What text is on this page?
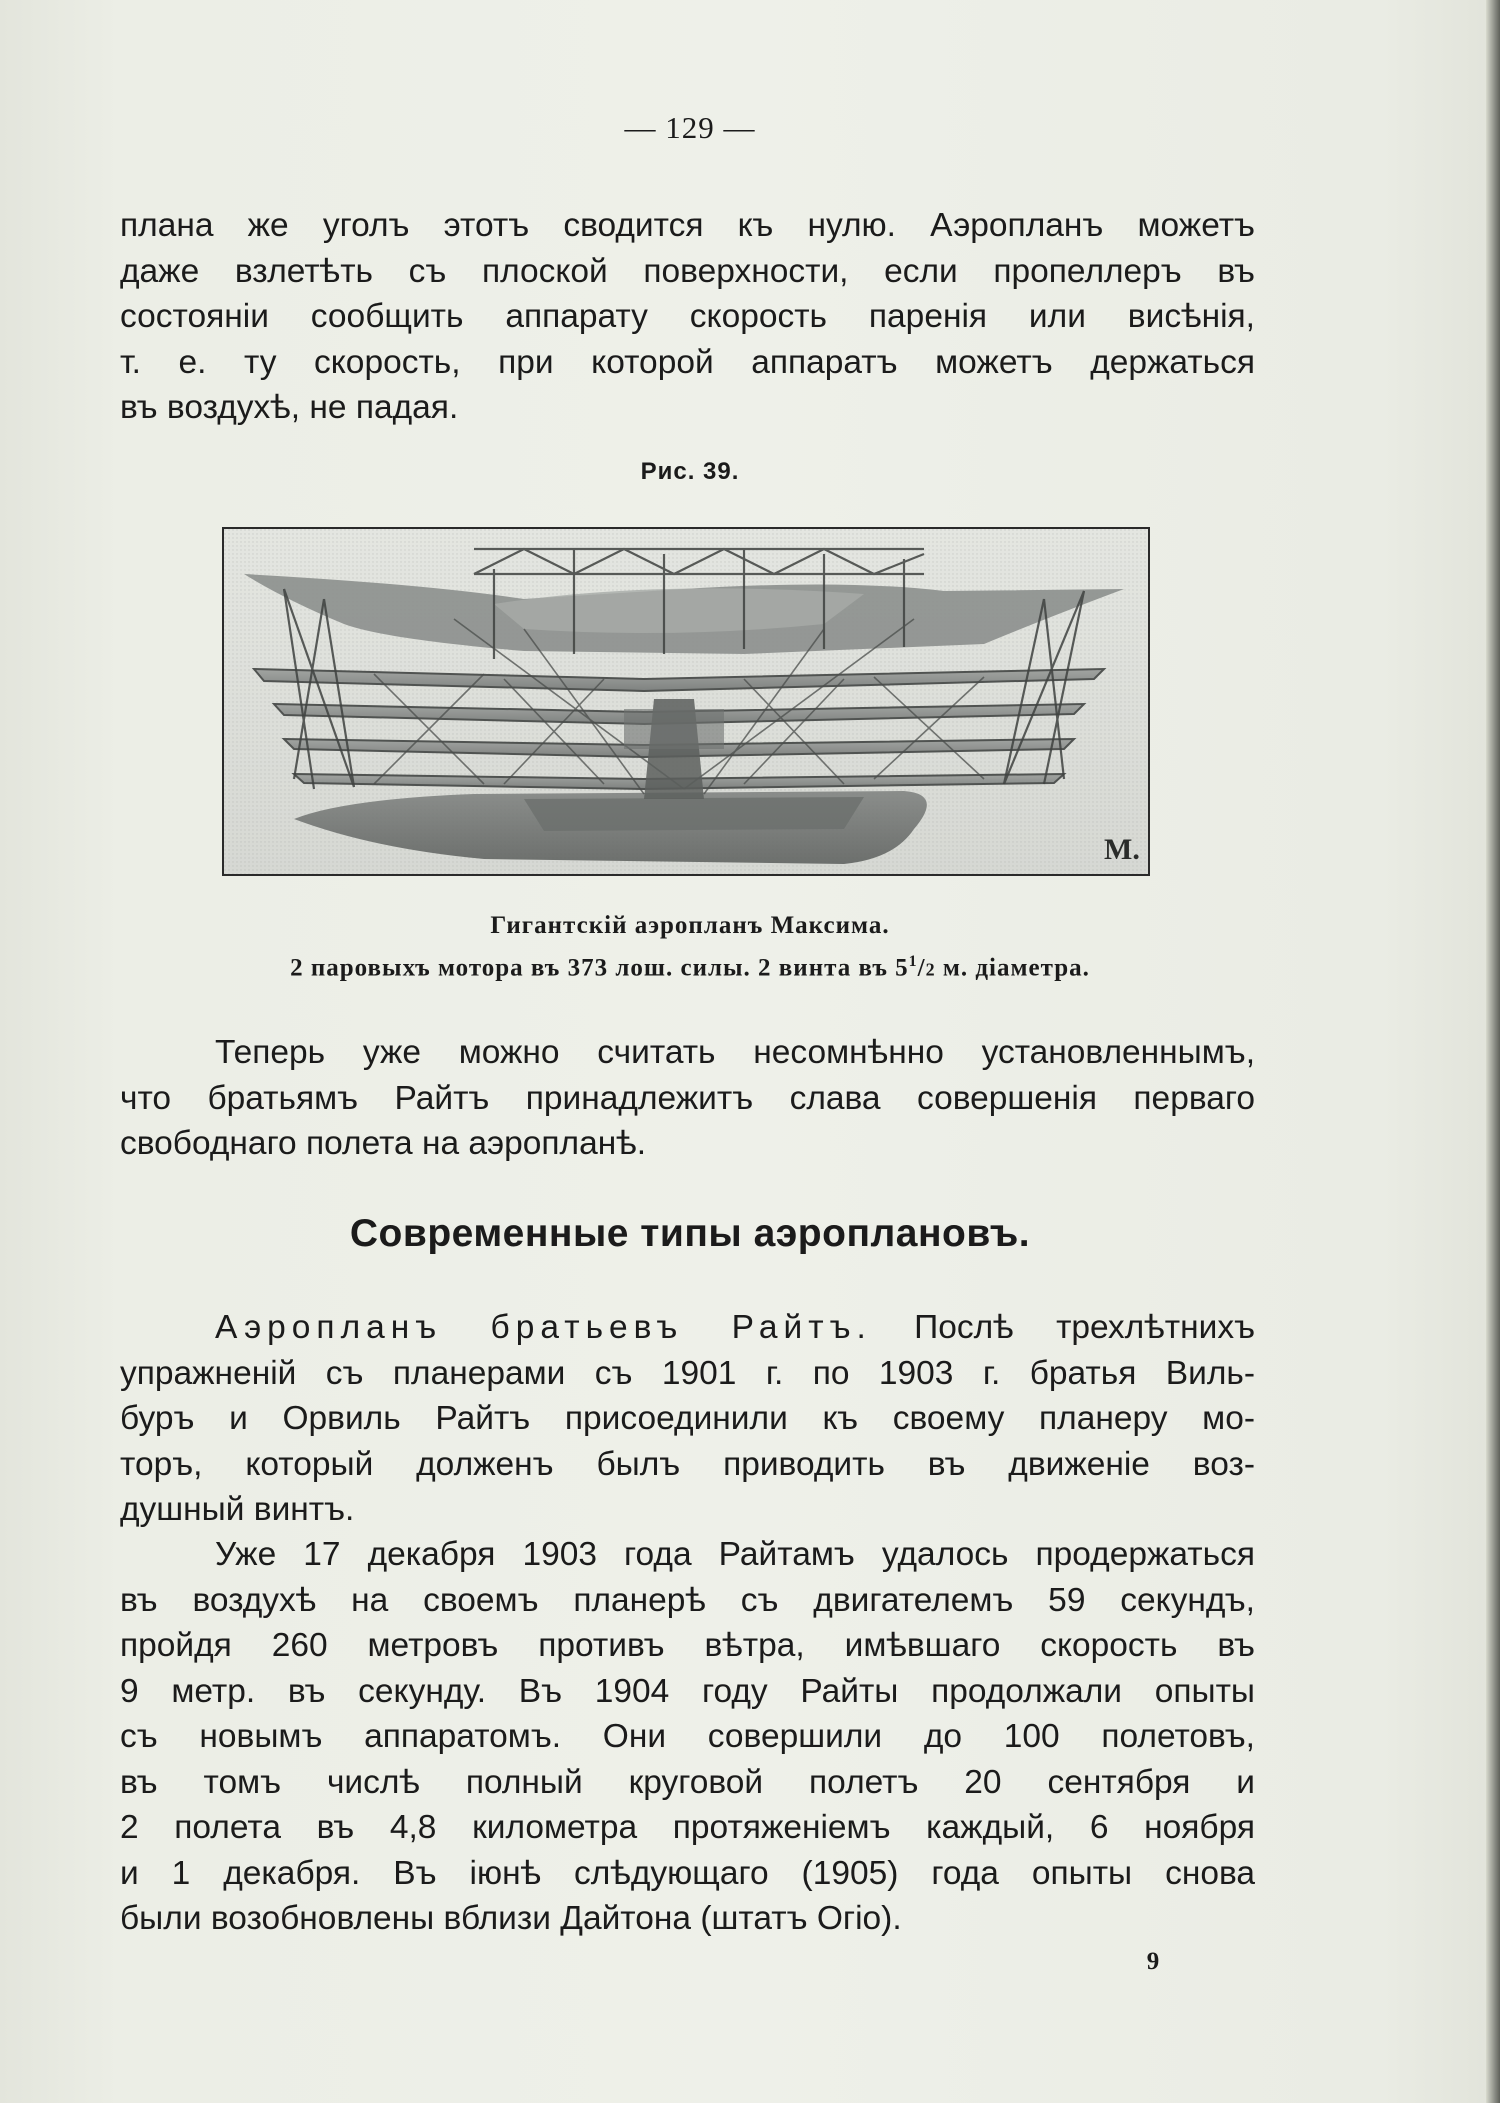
— 129 —
плана же уголъ этотъ сводится къ нулю. Аэропланъ можетъ
даже взлетѣть съ плоской поверхности, если пропеллеръ въ
состояніи сообщить аппарату скорость паренія или висѣнія,
т. е. ту скорость, при которой аппаратъ можетъ держаться
въ воздухѣ, не падая.
Рис. 39.
M.
Гигантскій аэропланъ Максима.
2 паровыхъ мотора въ 373 лош. силы. 2 винта въ $5^1/2$ м. діаметра.
Теперь уже можно считать несомнѣнно установленнымъ,
что братьямъ Райтъ принадлежитъ слава совершенія перваго
свободнаго полета на аэропланѣ.
Современные типы аэроплановъ.
Аэропланъ братьевъ Райтъ. Послѣ трехлѣтнихъ
упражненій съ планерами съ 1901 г. по 1903 г. братья Виль-
буръ и Орвиль Райтъ присоединили къ своему планеру мо-
торъ, который долженъ былъ приводить въ движеніе воз-
душный винтъ.
Уже 17 декабря 1903 года Райтамъ удалось продержаться
въ воздухѣ на своемъ планерѣ съ двигателемъ 59 секундъ,
пройдя 260 метровъ противъ вѣтра, имѣвшаго скорость въ
9 метр. въ секунду. Въ 1904 году Райты продолжали опыты
съ новымъ аппаратомъ. Они совершили до 100 полетовъ,
въ томъ числѣ полный круговой полетъ 20 сентября и
2 полета въ 4,8 километра протяженіемъ каждый, 6 ноября
и 1 декабря. Въ іюнѣ слѣдующаго (1905) года опыты снова
были возобновлены вблизи Дайтона (штатъ Огіо).
9
